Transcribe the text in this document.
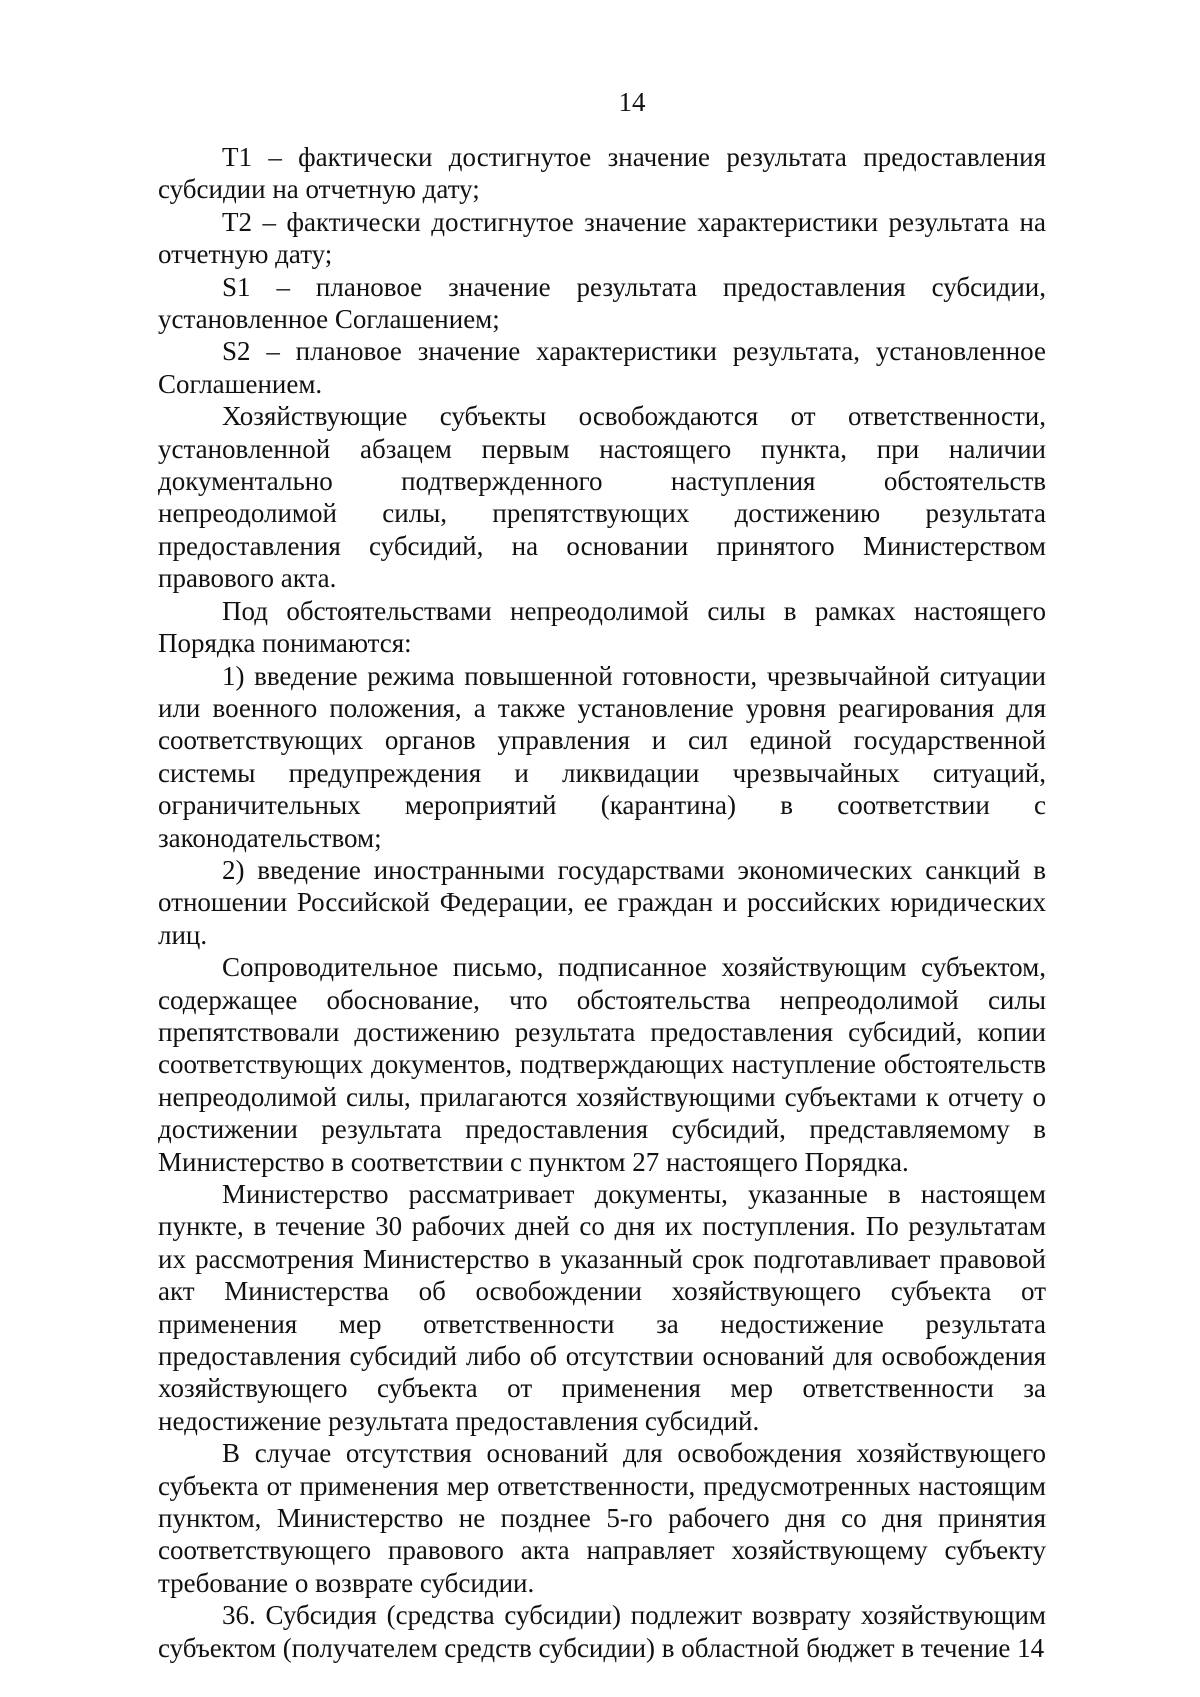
14

Т1 – фактически достигнутое значение результата предоставления субсидии на отчетную дату;

Т2 – фактически достигнутое значение характеристики результата на отчетную дату;

S1 – плановое значение результата предоставления субсидии, установленное Соглашением;

S2 – плановое значение характеристики результата, установленное Соглашением.

Хозяйствующие субъекты освобождаются от ответственности, установленной абзацем первым настоящего пункта, при наличии документально подтвержденного наступления обстоятельств непреодолимой силы, препятствующих достижению результата предоставления субсидий, на основании принятого Министерством правового акта.

Под обстоятельствами непреодолимой силы в рамках настоящего Порядка понимаются:

1) введение режима повышенной готовности, чрезвычайной ситуации или военного положения, а также установление уровня реагирования для соответствующих органов управления и сил единой государственной системы предупреждения и ликвидации чрезвычайных ситуаций, ограничительных мероприятий (карантина) в соответствии с законодательством;

2) введение иностранными государствами экономических санкций в отношении Российской Федерации, ее граждан и российских юридических лиц.

Сопроводительное письмо, подписанное хозяйствующим субъектом, содержащее обоснование, что обстоятельства непреодолимой силы препятствовали достижению результата предоставления субсидий, копии соответствующих документов, подтверждающих наступление обстоятельств непреодолимой силы, прилагаются хозяйствующими субъектами к отчету о достижении результата предоставления субсидий, представляемому в Министерство в соответствии с пунктом 27 настоящего Порядка.

Министерство рассматривает документы, указанные в настоящем пункте, в течение 30 рабочих дней со дня их поступления. По результатам их рассмотрения Министерство в указанный срок подготавливает правовой акт Министерства об освобождении хозяйствующего субъекта от применения мер ответственности за недостижение результата предоставления субсидий либо об отсутствии оснований для освобождения хозяйствующего субъекта от применения мер ответственности за недостижение результата предоставления субсидий.

В случае отсутствия оснований для освобождения хозяйствующего субъекта от применения мер ответственности, предусмотренных настоящим пунктом, Министерство не позднее 5-го рабочего дня со дня принятия соответствующего правового акта направляет хозяйствующему субъекту требование о возврате субсидии.

36. Субсидия (средства субсидии) подлежит возврату хозяйствующим субъектом (получателем средств субсидии) в областной бюджет в течение 14
